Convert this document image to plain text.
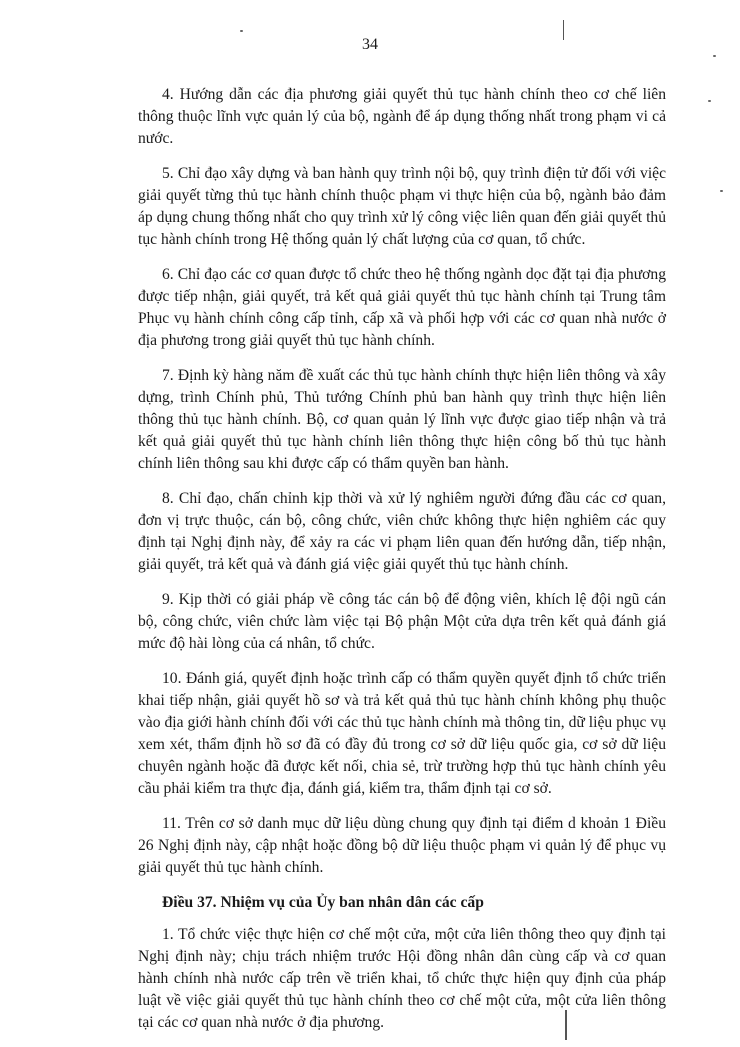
34

4. Hướng dẫn các địa phương giải quyết thủ tục hành chính theo cơ chế liên thông thuộc lĩnh vực quản lý của bộ, ngành để áp dụng thống nhất trong phạm vi cả nước.

5. Chỉ đạo xây dựng và ban hành quy trình nội bộ, quy trình điện tử đối với việc giải quyết từng thủ tục hành chính thuộc phạm vi thực hiện của bộ, ngành bảo đảm áp dụng chung thống nhất cho quy trình xử lý công việc liên quan đến giải quyết thủ tục hành chính trong Hệ thống quản lý chất lượng của cơ quan, tổ chức.

6. Chỉ đạo các cơ quan được tổ chức theo hệ thống ngành dọc đặt tại địa phương được tiếp nhận, giải quyết, trả kết quả giải quyết thủ tục hành chính tại Trung tâm Phục vụ hành chính công cấp tỉnh, cấp xã và phối hợp với các cơ quan nhà nước ở địa phương trong giải quyết thủ tục hành chính.

7. Định kỳ hàng năm đề xuất các thủ tục hành chính thực hiện liên thông và xây dựng, trình Chính phủ, Thủ tướng Chính phủ ban hành quy trình thực hiện liên thông thủ tục hành chính. Bộ, cơ quan quản lý lĩnh vực được giao tiếp nhận và trả kết quả giải quyết thủ tục hành chính liên thông thực hiện công bố thủ tục hành chính liên thông sau khi được cấp có thẩm quyền ban hành.

8. Chỉ đạo, chấn chỉnh kịp thời và xử lý nghiêm người đứng đầu các cơ quan, đơn vị trực thuộc, cán bộ, công chức, viên chức không thực hiện nghiêm các quy định tại Nghị định này, để xảy ra các vi phạm liên quan đến hướng dẫn, tiếp nhận, giải quyết, trả kết quả và đánh giá việc giải quyết thủ tục hành chính.

9. Kịp thời có giải pháp về công tác cán bộ để động viên, khích lệ đội ngũ cán bộ, công chức, viên chức làm việc tại Bộ phận Một cửa dựa trên kết quả đánh giá mức độ hài lòng của cá nhân, tổ chức.

10. Đánh giá, quyết định hoặc trình cấp có thẩm quyền quyết định tổ chức triển khai tiếp nhận, giải quyết hồ sơ và trả kết quả thủ tục hành chính không phụ thuộc vào địa giới hành chính đối với các thủ tục hành chính mà thông tin, dữ liệu phục vụ xem xét, thẩm định hồ sơ đã có đầy đủ trong cơ sở dữ liệu quốc gia, cơ sở dữ liệu chuyên ngành hoặc đã được kết nối, chia sẻ, trừ trường hợp thủ tục hành chính yêu cầu phải kiểm tra thực địa, đánh giá, kiểm tra, thẩm định tại cơ sở.

11. Trên cơ sở danh mục dữ liệu dùng chung quy định tại điểm d khoản 1 Điều 26 Nghị định này, cập nhật hoặc đồng bộ dữ liệu thuộc phạm vi quản lý để phục vụ giải quyết thủ tục hành chính.

Điều 37. Nhiệm vụ của Ủy ban nhân dân các cấp

1. Tổ chức việc thực hiện cơ chế một cửa, một cửa liên thông theo quy định tại Nghị định này; chịu trách nhiệm trước Hội đồng nhân dân cùng cấp và cơ quan hành chính nhà nước cấp trên về triển khai, tổ chức thực hiện quy định của pháp luật về việc giải quyết thủ tục hành chính theo cơ chế một cửa, một cửa liên thông tại các cơ quan nhà nước ở địa phương.
